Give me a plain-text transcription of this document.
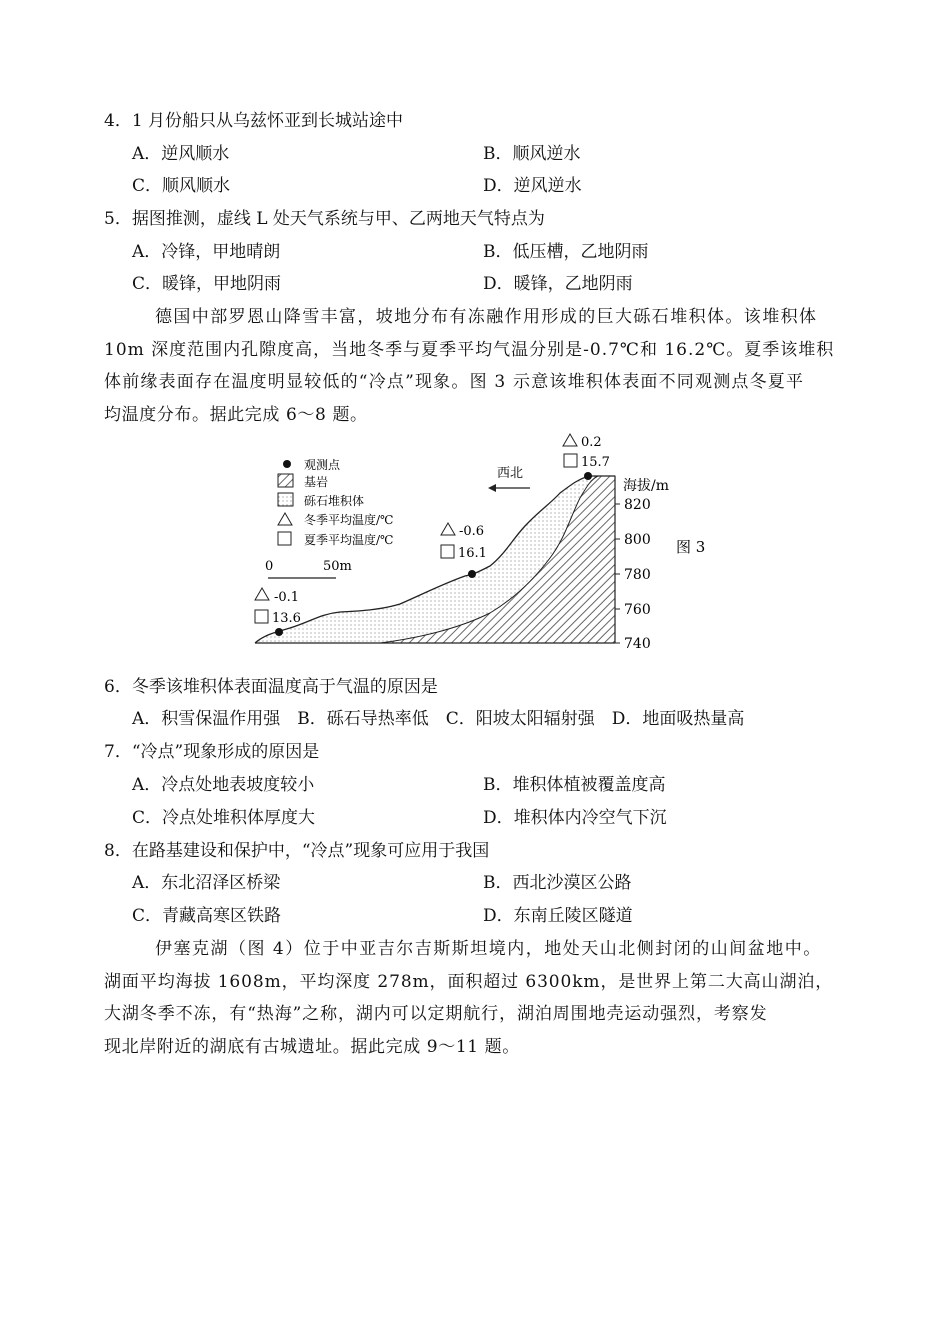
4．1 月份船只从乌兹怀亚到长城站途中
A．逆风顺水	B．顺风逆水
C．顺风顺水	D．逆风逆水
5．据图推测，虚线 L 处天气系统与甲、乙两地天气特点为
A．冷锋，甲地晴朗	B．低压槽，乙地阴雨
C．暖锋，甲地阴雨	D．暖锋，乙地阴雨
德国中部罗恩山降雪丰富，坡地分布有冻融作用形成的巨大砾石堆积体。该堆积体
10m 深度范围内孔隙度高，当地冬季与夏季平均气温分别是-0.7℃和 16.2℃。夏季该堆积
体前缘表面存在温度明显较低的“冷点”现象。图 3 示意该堆积体表面不同观测点冬夏平
均温度分布。据此完成 6～8 题。
海拔/m
820
800
780
760
740
图 3
观测点
基岩
砾石堆积体
冬季平均温度/℃
夏季平均温度/℃
0	50m
西北
-0.1
13.6
-0.6
16.1
0.2
15.7
6．冬季该堆积体表面温度高于气温的原因是
A．积雪保温作用强　B．砾石导热率低　C．阳坡太阳辐射强　D．地面吸热量高
7．“冷点”现象形成的原因是
A．冷点处地表坡度较小	B．堆积体植被覆盖度高
C．冷点处堆积体厚度大	D．堆积体内冷空气下沉
8．在路基建设和保护中，“冷点”现象可应用于我国
A．东北沼泽区桥梁	B．西北沙漠区公路
C．青藏高寒区铁路	D．东南丘陵区隧道
伊塞克湖（图 4）位于中亚吉尔吉斯斯坦境内，地处天山北侧封闭的山间盆地中。
湖面平均海拔 1608m，平均深度 278m，面积超过 6300km，是世界上第二大高山湖泊，
大湖冬季不冻，有“热海”之称，湖内可以定期航行，湖泊周围地壳运动强烈，考察发
现北岸附近的湖底有古城遗址。据此完成 9～11 题。
